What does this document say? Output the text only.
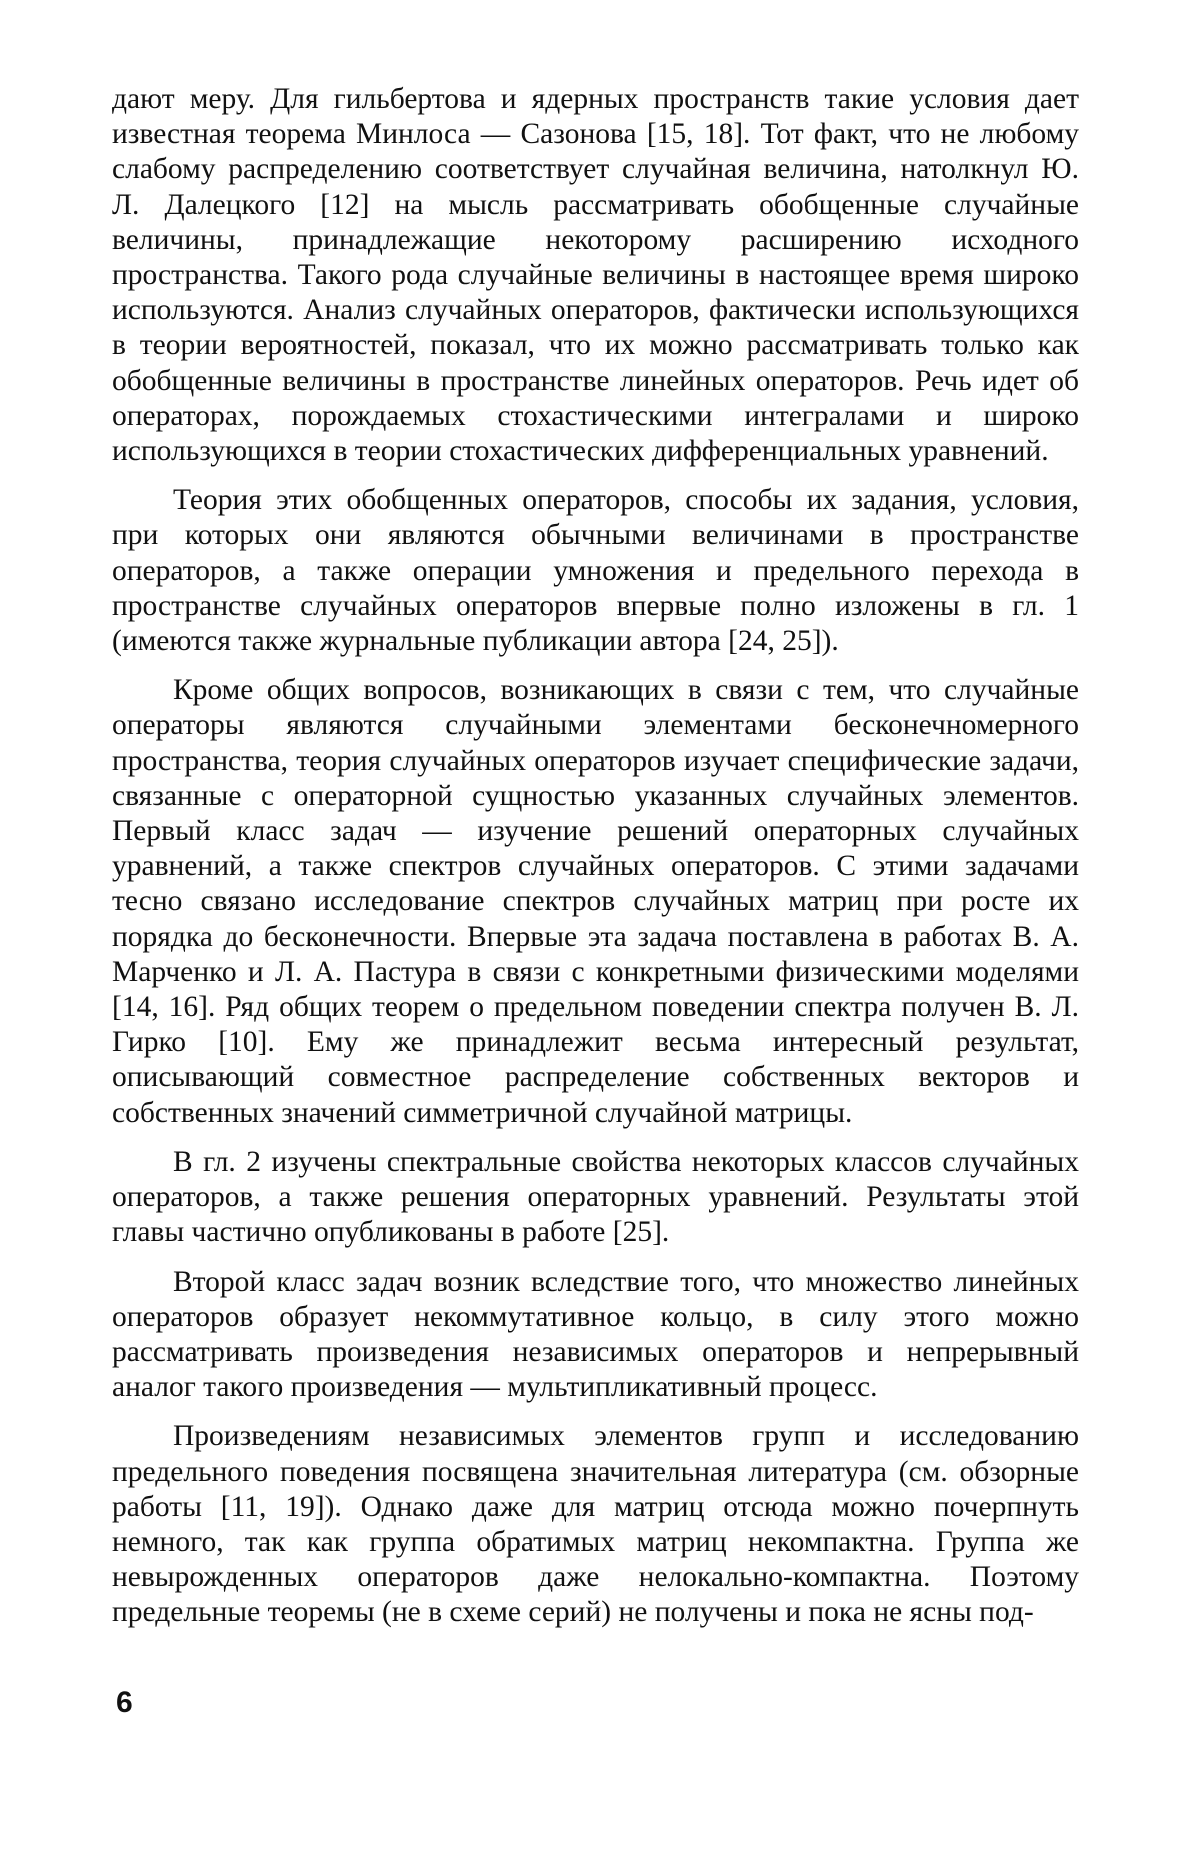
дают меру. Для гильбертова и ядерных пространств такие условия дает известная теорема Минлоса — Сазонова [15, 18]. Тот факт, что не любому слабому распределению соответствует случайная величина, натолкнул Ю. Л. Далецкого [12] на мысль рассматривать обобщенные случайные величины, принадлежащие некоторому расширению исходного пространства. Такого рода случайные величины в настоящее время широко используются. Анализ случайных операторов, фактически использующихся в теории вероятностей, показал, что их можно рассматривать только как обобщенные величины в пространстве линейных операторов. Речь идет об операторах, порождаемых стохастическими интегралами и широко использующихся в теории стохастических дифференциальных уравнений.

Теория этих обобщенных операторов, способы их задания, условия, при которых они являются обычными величинами в пространстве операторов, а также операции умножения и предельного перехода в пространстве случайных операторов впервые полно изложены в гл. 1 (имеются также журнальные публикации автора [24, 25]).

Кроме общих вопросов, возникающих в связи с тем, что случайные операторы являются случайными элементами бесконечномерного пространства, теория случайных операторов изучает специфические задачи, связанные с операторной сущностью указанных случайных элементов. Первый класс задач — изучение решений операторных случайных уравнений, а также спектров случайных операторов. С этими задачами тесно связано исследование спектров случайных матриц при росте их порядка до бесконечности. Впервые эта задача поставлена в работах В. А. Марченко и Л. А. Пастура в связи с конкретными физическими моделями [14, 16]. Ряд общих теорем о предельном поведении спектра получен В. Л. Гирко [10]. Ему же принадлежит весьма интересный результат, описывающий совместное распределение собственных векторов и собственных значений симметричной случайной матрицы.

В гл. 2 изучены спектральные свойства некоторых классов случайных операторов, а также решения операторных уравнений. Результаты этой главы частично опубликованы в работе [25].

Второй класс задач возник вследствие того, что множество линейных операторов образует некоммутативное кольцо, в силу этого можно рассматривать произведения независимых операторов и непрерывный аналог такого произведения — мультипликативный процесс.

Произведениям независимых элементов групп и исследованию предельного поведения посвящена значительная литература (см. обзорные работы [11, 19]). Однако даже для матриц отсюда можно почерпнуть немного, так как группа обратимых матриц некомпактна. Группа же невырожденных операторов даже нелокально-компактна. Поэтому предельные теоремы (не в схеме серий) не получены и пока не ясны под-

6
